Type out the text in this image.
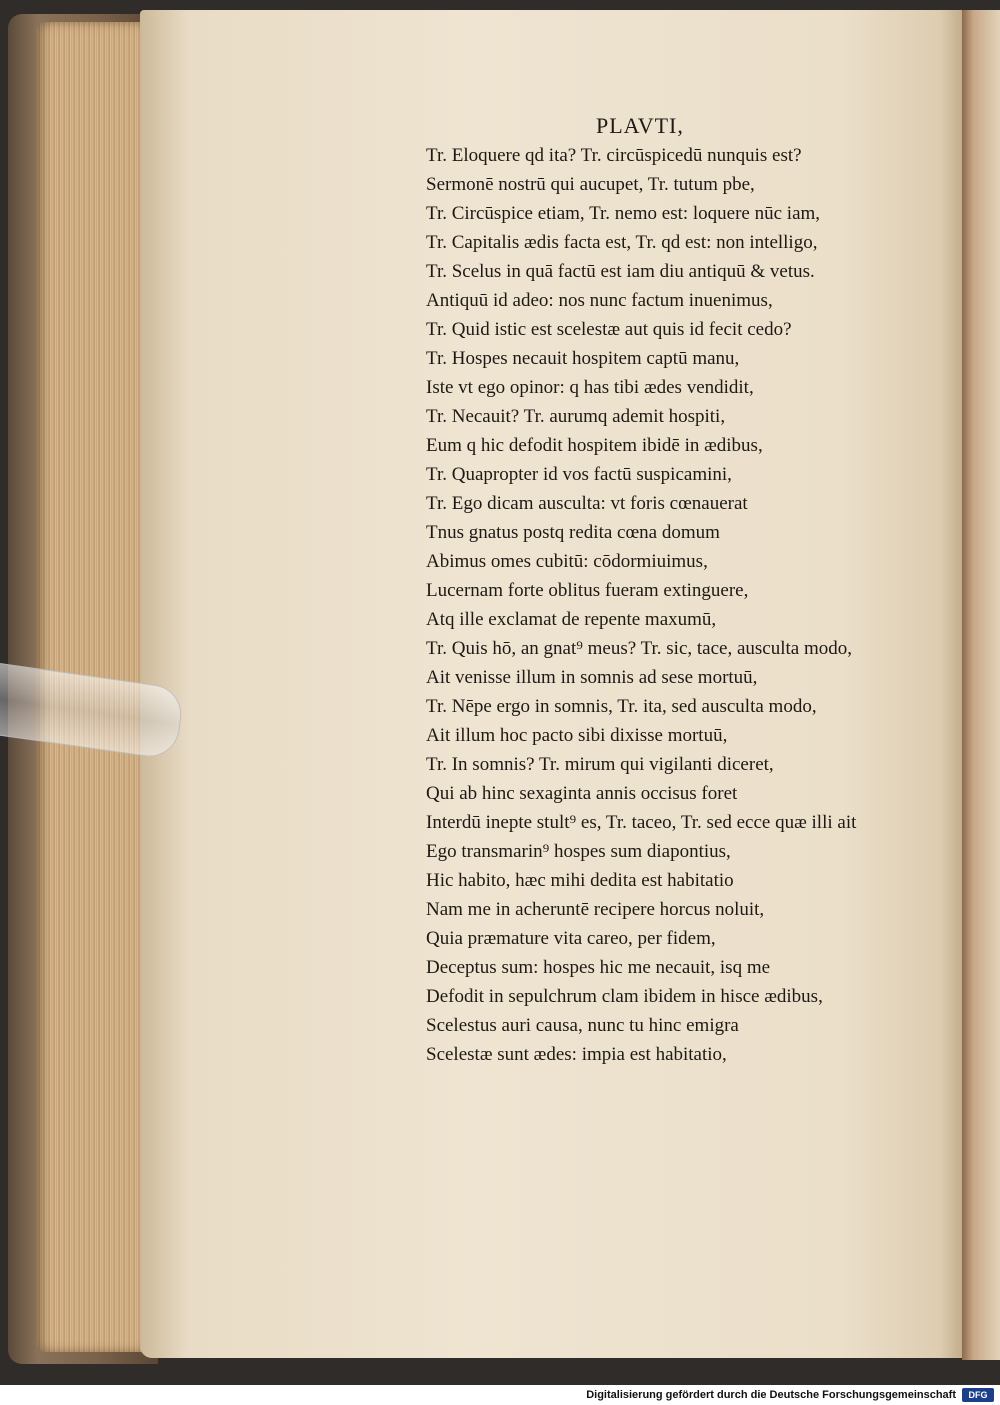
PLAVTI,
Tr. Eloquere qd ita? Tr. circūspicedū nunquis est?
Sermonē nostrū qui aucupet, Tr. tutum pbe,
Tr. Circūspice etiam, Tr. nemo est: loquere nūc iam,
Tr. Capitalis ædis facta est, Tr. qd est: non intelligo,
Tr. Scelus in quā factū est iam diu antiquū & vetus.
Antiquū id adeo: nos nunc factum inuenimus,
Tr. Quid istic est scelestæ aut quis id fecit cedo?
Tr. Hospes necauit hospitem captū manu,
Iste vt ego opinor: q has tibi ædes vendidit,
Tr. Necauit? Tr. aurumq ademit hospiti,
Eum q hic defodit hospitem ibidē in ædibus,
Tr. Quapropter id vos factū suspicamini,
Tr. Ego dicam ausculta: vt foris cœnauerat
Tnus gnatus postq redita cœna domum
Abimus omes cubitū: cōdormiuimus,
Lucernam forte oblitus fueram extinguere,
Atq ille exclamat de repente maxumū,
Tr. Quis hō, an gnat⁹ meus? Tr. sic, tace, ausculta modo,
Ait venisse illum in somnis ad sese mortuū,
Tr. Nēpe ergo in somnis, Tr. ita, sed ausculta modo,
Ait illum hoc pacto sibi dixisse mortuū,
Tr. In somnis? Tr. mirum qui vigilanti diceret,
Qui ab hinc sexaginta annis occisus foret
Interdū inepte stult⁹ es, Tr. taceo, Tr. sed ecce quæ illi ait
Ego transmarin⁹ hospes sum diapontius,
Hic habito, hæc mihi dedita est habitatio
Nam me in acheruntē recipere horcus noluit,
Quia præmature vita careo, per fidem,
Deceptus sum: hospes hic me necauit, isq me
Defodit in sepulchrum clam ibidem in hisce ædibus,
Scelestus auri causa, nunc tu hinc emigra
Scelestæ sunt ædes: impia est habitatio,
Digitalisierung gefördert durch die Deutsche Forschungsgemeinschaft	DFG
